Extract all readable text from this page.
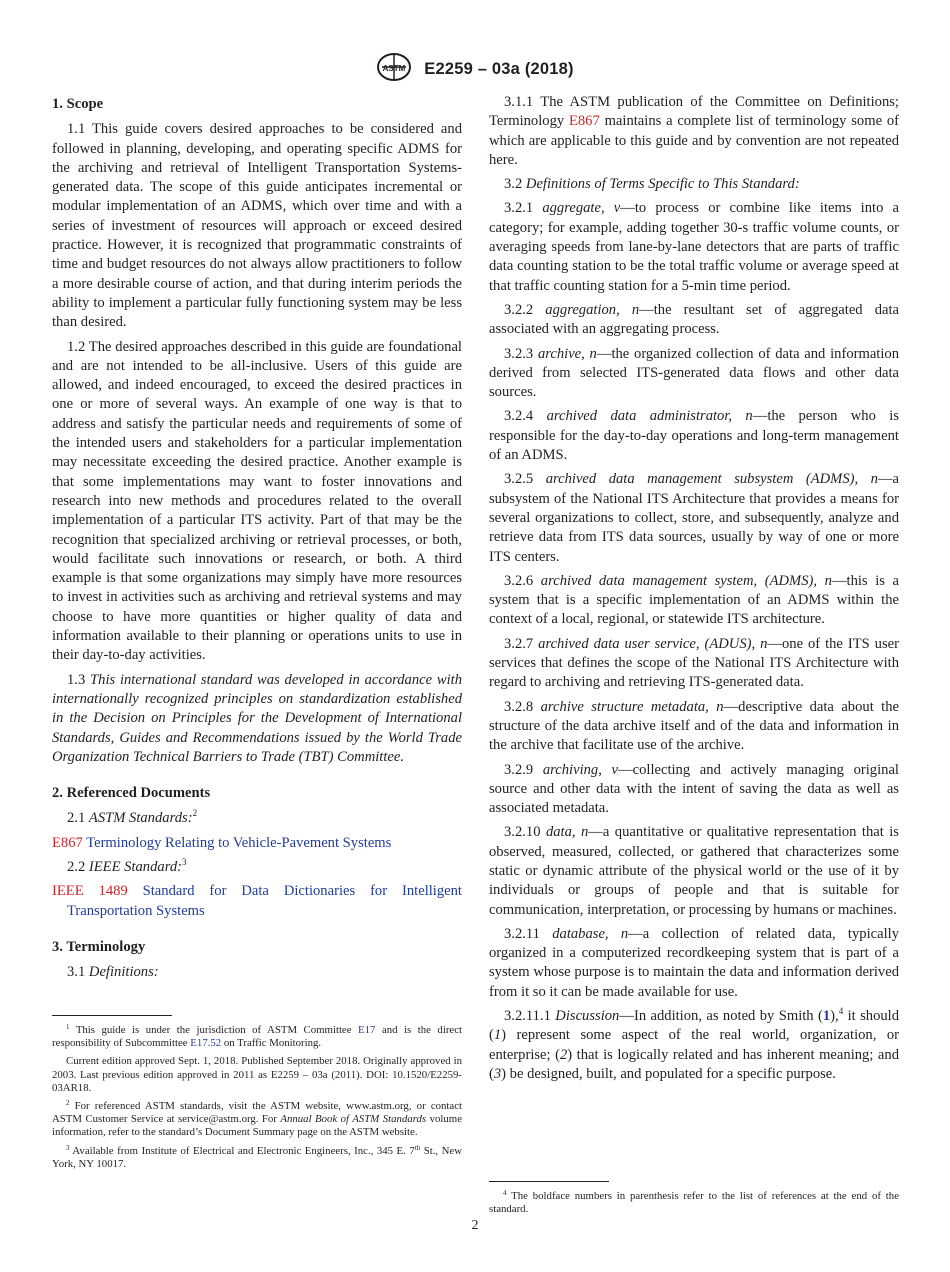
ASTM E2259 – 03a (2018)

1. Scope

1.1 This guide covers desired approaches to be considered and followed in planning, developing, and operating specific ADMS for the archiving and retrieval of Intelligent Transportation Systems-generated data. The scope of this guide anticipates incremental or modular implementation of an ADMS, which over time and with a series of investment of resources will approach or exceed desired practice. However, it is recognized that programmatic constraints of time and budget resources do not always allow practitioners to follow a more desirable course of action, and that during interim periods the ability to implement a particular fully functioning system may be less than desired.

1.2 The desired approaches described in this guide are foundational and are not intended to be all-inclusive. Users of this guide are allowed, and indeed encouraged, to exceed the desired practices in one or more of several ways. An example of one way is that to address and satisfy the particular needs and requirements of some of the intended users and stakeholders for a particular implementation may necessitate exceeding the desired practice. Another example is that some implementations may want to foster innovations and research into new methods and procedures related to the overall implementation of a particular ITS activity. Part of that may be the recognition that specialized archiving or retrieval processes, or both, would facilitate such innovations or research, or both. A third example is that some organizations may simply have more resources to invest in activities such as archiving and retrieval systems and may choose to have more quantities or higher quality of data and information available to their planning or operations units to use in their day-to-day activities.

1.3 This international standard was developed in accordance with internationally recognized principles on standardization established in the Decision on Principles for the Development of International Standards, Guides and Recommendations issued by the World Trade Organization Technical Barriers to Trade (TBT) Committee.

2. Referenced Documents

2.1 ASTM Standards:$^2$

E867 Terminology Relating to Vehicle-Pavement Systems

2.2 IEEE Standard:$^3$

IEEE 1489 Standard for Data Dictionaries for Intelligent Transportation Systems

3. Terminology

3.1 Definitions:

$^1$ This guide is under the jurisdiction of ASTM Committee E17 and is the direct responsibility of Subcommittee E17.52 on Traffic Monitoring.

Current edition approved Sept. 1, 2018. Published September 2018. Originally approved in 2003. Last previous edition approved in 2011 as E2259 – 03a (2011). DOI: 10.1520/E2259-03AR18.

$^2$ For referenced ASTM standards, visit the ASTM website, www.astm.org, or contact ASTM Customer Service at service@astm.org. For Annual Book of ASTM Standards volume information, refer to the standard’s Document Summary page on the ASTM website.

$^3$ Available from Institute of Electrical and Electronic Engineers, Inc., 345 E. 7th St., New York, NY 10017.

3.1.1 The ASTM publication of the Committee on Definitions; Terminology E867 maintains a complete list of terminology some of which are applicable to this guide and by convention are not repeated here.

3.2 Definitions of Terms Specific to This Standard:

3.2.1 aggregate, v—to process or combine like items into a category; for example, adding together 30-s traffic volume counts, or averaging speeds from lane-by-lane detectors that are parts of traffic data counting station to be the total traffic volume or average speed at that traffic counting station for a 5-min time period.

3.2.2 aggregation, n—the resultant set of aggregated data associated with an aggregating process.

3.2.3 archive, n—the organized collection of data and information derived from selected ITS-generated data flows and other data sources.

3.2.4 archived data administrator, n—the person who is responsible for the day-to-day operations and long-term management of an ADMS.

3.2.5 archived data management subsystem (ADMS), n—a subsystem of the National ITS Architecture that provides a means for several organizations to collect, store, and subsequently, analyze and retrieve data from ITS data sources, usually by way of one or more ITS centers.

3.2.6 archived data management system, (ADMS), n—this is a system that is a specific implementation of an ADMS within the context of a local, regional, or statewide ITS architecture.

3.2.7 archived data user service, (ADUS), n—one of the ITS user services that defines the scope of the National ITS Architecture with regard to archiving and retrieving ITS-generated data.

3.2.8 archive structure metadata, n—descriptive data about the structure of the data archive itself and of the data and information in the archive that facilitate use of the archive.

3.2.9 archiving, v—collecting and actively managing original source and other data with the intent of saving the data as well as associated metadata.

3.2.10 data, n—a quantitative or qualitative representation that is observed, measured, collected, or gathered that characterizes some static or dynamic attribute of the physical world or the use of it by individuals or groups of people and that is suitable for communication, interpretation, or processing by humans or machines.

3.2.11 database, n—a collection of related data, typically organized in a computerized recordkeeping system that is part of a system whose purpose is to maintain the data and information derived from it so it can be made available for use.

3.2.11.1 Discussion—In addition, as noted by Smith (1),$^4$ it should (1) represent some aspect of the real world, organization, or enterprise; (2) that is logically related and has inherent meaning; and (3) be designed, built, and populated for a specific purpose.

$^4$ The boldface numbers in parenthesis refer to the list of references at the end of the standard.

2
